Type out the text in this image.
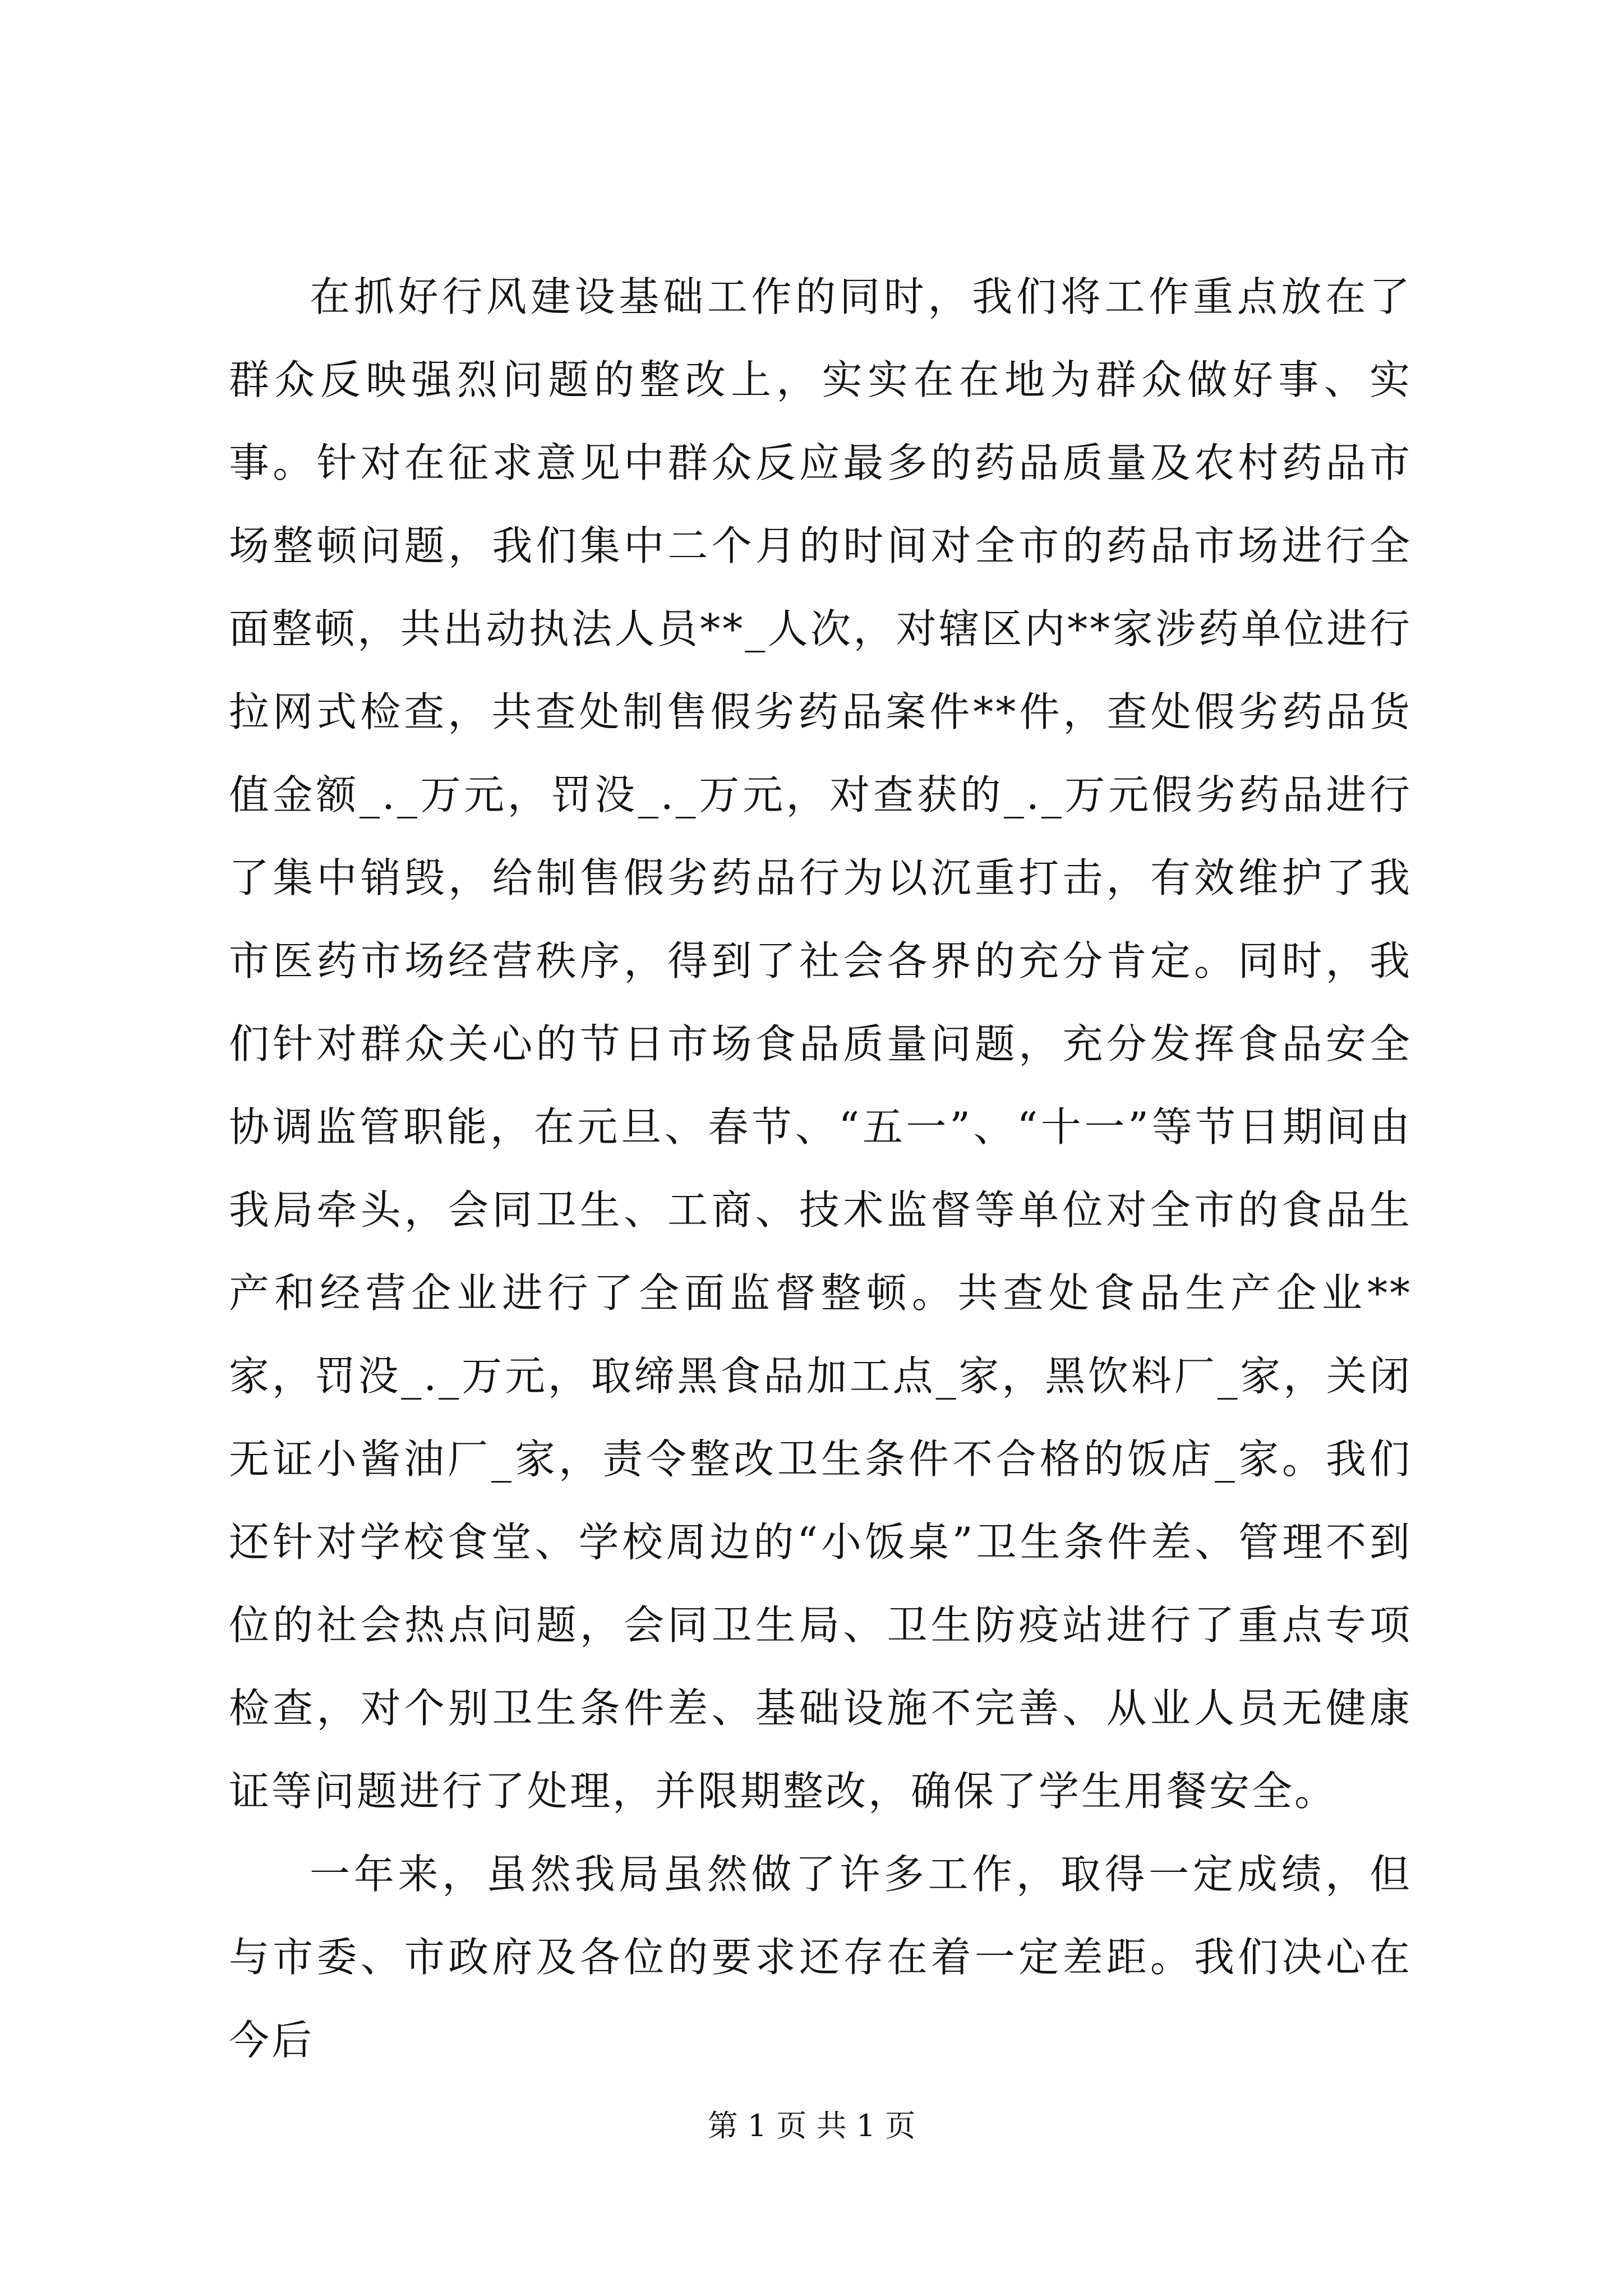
在抓好行风建设基础工作的同时，我们将工作重点放在了群众反映强烈问题的整改上，实实在在地为群众做好事、实事。针对在征求意见中群众反应最多的药品质量及农村药品市场整顿问题，我们集中二个月的时间对全市的药品市场进行全面整顿，共出动执法人员**_人次，对辖区内**家涉药单位进行拉网式检查，共查处制售假劣药品案件**件，查处假劣药品货值金额_._万元，罚没_._万元，对查获的_._万元假劣药品进行了集中销毁，给制售假劣药品行为以沉重打击，有效维护了我市医药市场经营秩序，得到了社会各界的充分肯定。同时，我们针对群众关心的节日市场食品质量问题，充分发挥食品安全协调监管职能，在元旦、春节、“五一”、“十一”等节日期间由我局牵头，会同卫生、工商、技术监督等单位对全市的食品生产和经营企业进行了全面监督整顿。共查处食品生产企业**家，罚没_._万元，取缔黑食品加工点_家，黑饮料厂_家，关闭无证小酱油厂_家，责令整改卫生条件不合格的饭店_家。我们还针对学校食堂、学校周边的“小饭桌”卫生条件差、管理不到位的社会热点问题，会同卫生局、卫生防疫站进行了重点专项检查，对个别卫生条件差、基础设施不完善、从业人员无健康证等问题进行了处理，并限期整改，确保了学生用餐安全。

一年来，虽然我局虽然做了许多工作，取得一定成绩，但与市委、市政府及各位的要求还存在着一定差距。我们决心在今后

第 1 页 共 1 页
